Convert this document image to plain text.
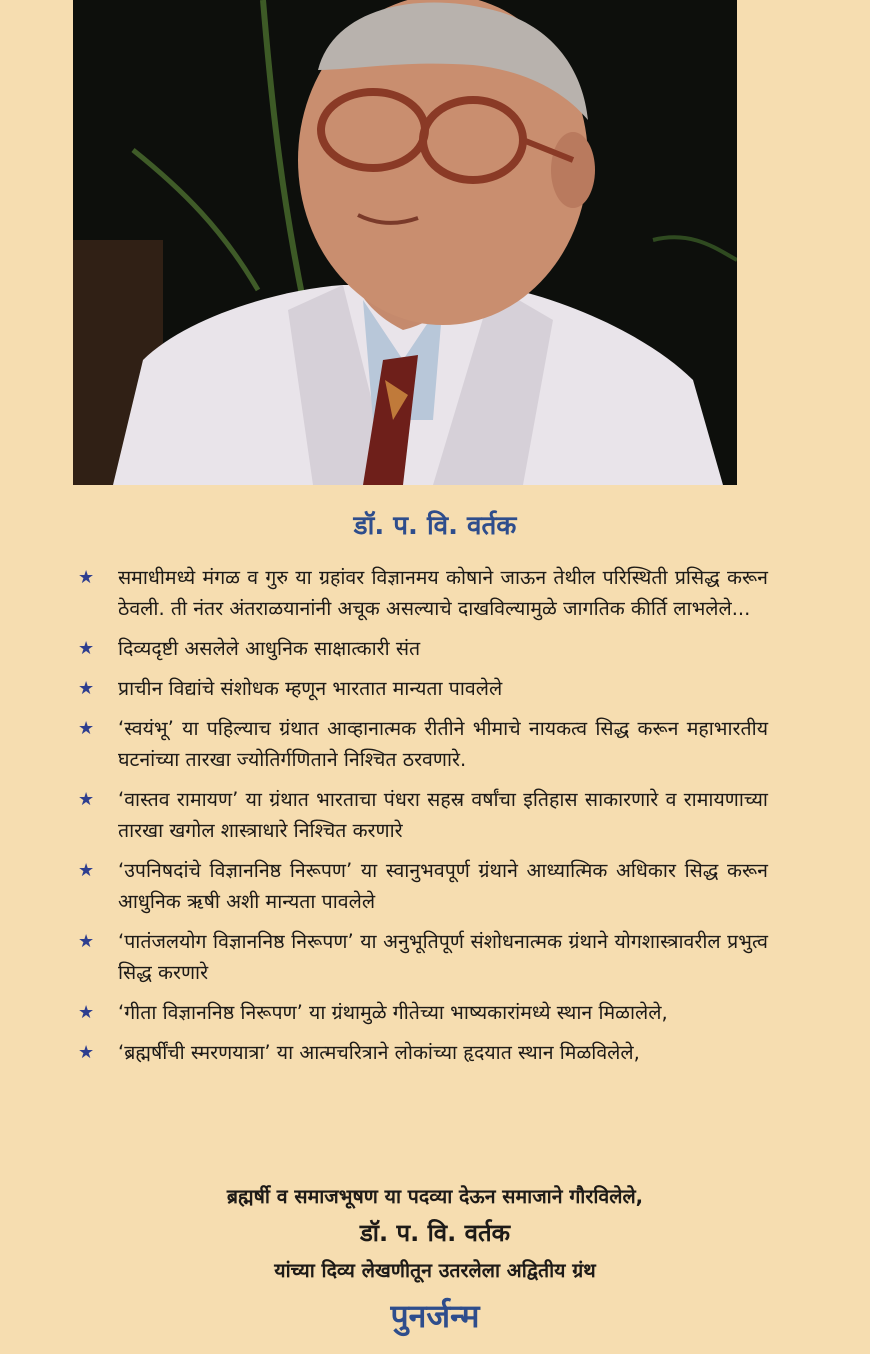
डॉ. प. वि. वर्तक
★ समाधीमध्ये मंगळ व गुरु या ग्रहांवर विज्ञानमय कोषाने जाऊन तेथील परिस्थिती प्रसिद्ध करून ठेवली. ती नंतर अंतराळयानांनी अचूक असल्याचे दाखविल्यामुळे जागतिक कीर्ति लाभलेले...
★ दिव्यदृष्टी असलेले आधुनिक साक्षात्कारी संत
★ प्राचीन विद्यांचे संशोधक म्हणून भारतात मान्यता पावलेले
★ ‘स्वयंभू’ या पहिल्याच ग्रंथात आव्हानात्मक रीतीने भीमाचे नायकत्व सिद्ध करून महाभारतीय घटनांच्या तारखा ज्योतिर्गणिताने निश्चित ठरवणारे.
★ ‘वास्तव रामायण’ या ग्रंथात भारताचा पंधरा सहस्र वर्षांचा इतिहास साकारणारे व रामायणाच्या तारखा खगोल शास्त्राधारे निश्चित करणारे
★ ‘उपनिषदांचे विज्ञाननिष्ठ निरूपण’ या स्वानुभवपूर्ण ग्रंथाने आध्यात्मिक अधिकार सिद्ध करून आधुनिक ऋषी अशी मान्यता पावलेले
★ ‘पातंजलयोग विज्ञाननिष्ठ निरूपण’ या अनुभूतिपूर्ण संशोधनात्मक ग्रंथाने योगशास्त्रावरील प्रभुत्व सिद्ध करणारे
★ ‘गीता विज्ञाननिष्ठ निरूपण’ या ग्रंथामुळे गीतेच्या भाष्यकारांमध्ये स्थान मिळालेले,
★ ‘ब्रह्मर्षींची स्मरणयात्रा’ या आत्मचरित्राने लोकांच्या हृदयात स्थान मिळविलेले,
ब्रह्मर्षी व समाजभूषण या पदव्या देऊन समाजाने गौरविलेले,
डॉ. प. वि. वर्तक
यांच्या दिव्य लेखणीतून उतरलेला अद्वितीय ग्रंथ
पुनर्जन्म
